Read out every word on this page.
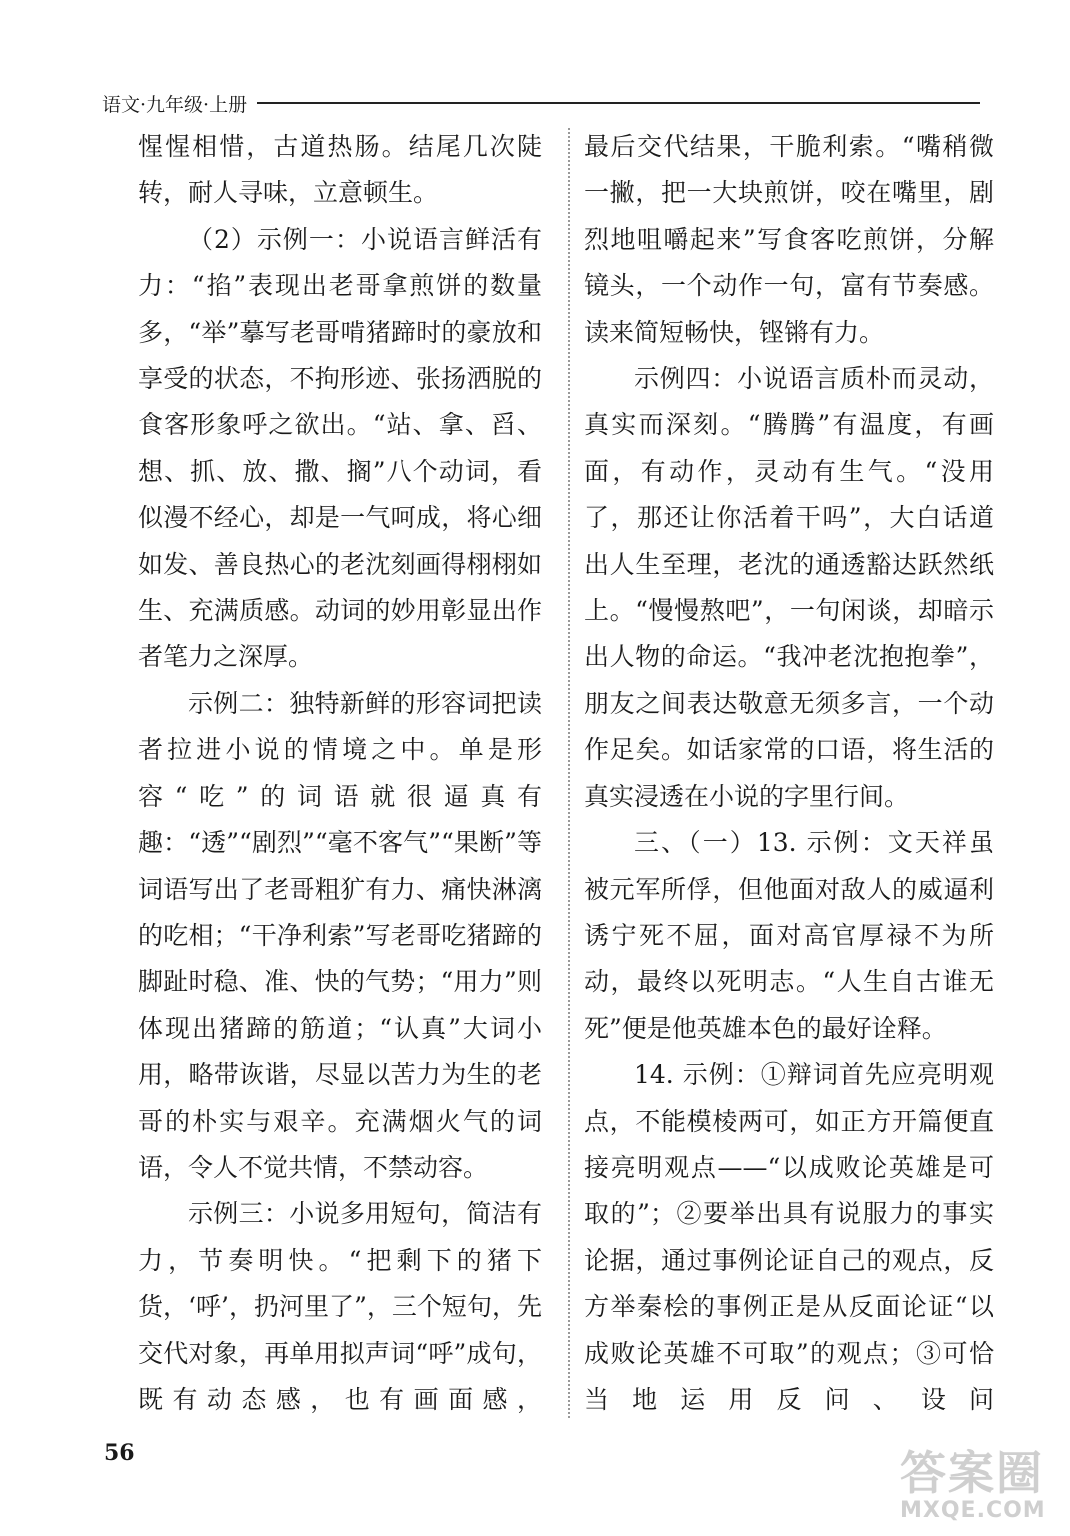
语文·九年级·上册

惺惺相惜，古道热肠。结尾几次陡转，耐人寻味，立意顿生。

（2）示例一：小说语言鲜活有力：“掐”表现出老哥拿煎饼的数量多，“举”摹写老哥啃猪蹄时的豪放和享受的状态，不拘形迹、张扬洒脱的食客形象呼之欲出。“站、拿、舀、想、抓、放、撒、搁”八个动词，看似漫不经心，却是一气呵成，将心细如发、善良热心的老沈刻画得栩栩如生、充满质感。动词的妙用彰显出作者笔力之深厚。

示例二：独特新鲜的形容词把读者拉进小说的情境之中。单是形容“吃”的词语就很逼真有趣：“透”“剧烈”“毫不客气”“果断”等词语写出了老哥粗犷有力、痛快淋漓的吃相；“干净利索”写老哥吃猪蹄的脚趾时稳、准、快的气势；“用力”则体现出猪蹄的筋道；“认真”大词小用，略带诙谐，尽显以苦力为生的老哥的朴实与艰辛。充满烟火气的词语，令人不觉共情，不禁动容。

示例三：小说多用短句，简洁有力，节奏明快。“把剩下的猪下货，‘呼’，扔河里了”，三个短句，先交代对象，再单用拟声词“呼”成句，既有动态感，也有画面感，

最后交代结果，干脆利索。“嘴稍微一撇，把一大块煎饼，咬在嘴里，剧烈地咀嚼起来”写食客吃煎饼，分解镜头，一个动作一句，富有节奏感。读来简短畅快，铿锵有力。

示例四：小说语言质朴而灵动，真实而深刻。“腾腾”有温度，有画面，有动作，灵动有生气。“没用了，那还让你活着干吗”，大白话道出人生至理，老沈的通透豁达跃然纸上。“慢慢熬吧”，一句闲谈，却暗示出人物的命运。“我冲老沈抱抱拳”，朋友之间表达敬意无须多言，一个动作足矣。如话家常的口语，将生活的真实浸透在小说的字里行间。

三、（一）13. 示例：文天祥虽被元军所俘，但他面对敌人的威逼利诱宁死不屈，面对高官厚禄不为所动，最终以死明志。“人生自古谁无死”便是他英雄本色的最好诠释。

14. 示例：①辩词首先应亮明观点，不能模棱两可，如正方开篇便直接亮明观点——“以成败论英雄是可取的”；②要举出具有说服力的事实论据，通过事例论证自己的观点，反方举秦桧的事例正是从反面论证“以成败论英雄不可取”的观点；③可恰当地运用反问、设问

56	答案圈
MXQE.COM
